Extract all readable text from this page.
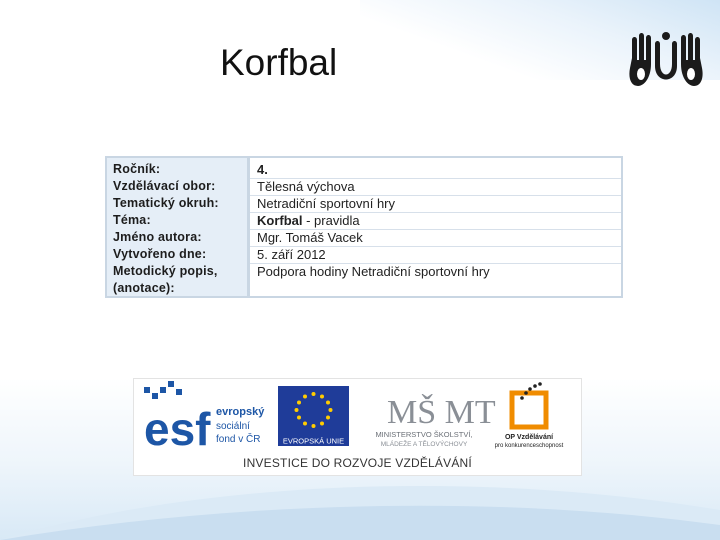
Korfbal
Ročník:
Vzdělávací obor:
Tematický okruh:
Téma:
Jméno autora:
Vytvořeno dne:
Metodický popis, (anotace):
4.
Tělesná výchova
Netradiční sportovní hry
Korfbal - pravidla
Mgr. Tomáš Vacek
5. září 2012
Podpora hodiny Netradiční sportovní hry
esf evropský
sociální
fond v ČR	EVROPSKÁ UNIE
MŠ MT
MINISTERSTVO ŠKOLSTVÍ,
MLÁDEŽE A TĚLOVÝCHOVY
OP Vzdělávání
pro konkurenceschopnost
INVESTICE DO ROZVOJE VZDĚLÁVÁNÍ
